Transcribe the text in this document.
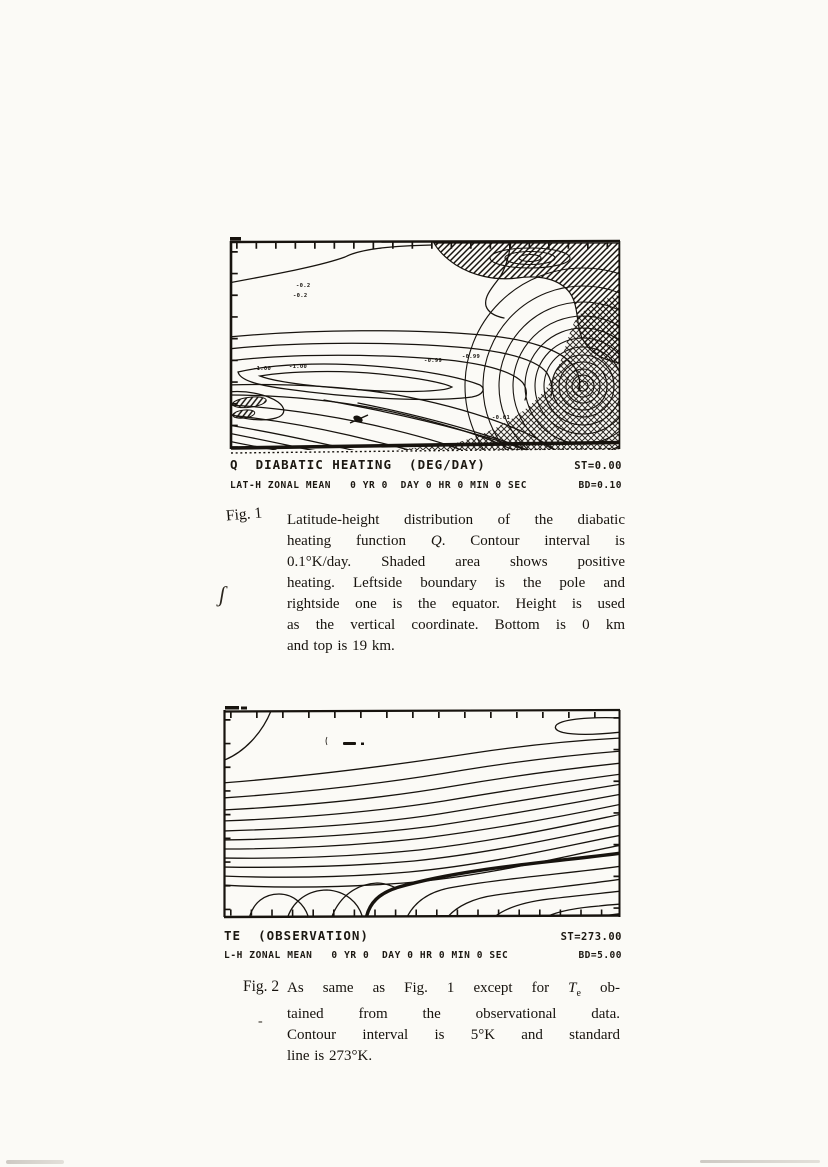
-0.2
-0.2
-1.00	-1.00
-0.99
-0.99
-0.01
Q  DIABATIC HEATING  (DEG/DAY)	ST=0.00
LAT-H ZONAL MEAN   0 YR 0  DAY 0 HR 0 MIN 0 SEC	BD=0.10
Fig. 1 Latitude-height distribution of the diabatic
heating function Q. Contour interval is
0.1°K/day. Shaded area shows positive
heating. Leftside boundary is the pole and
rightside one is the equator. Height is used
as the vertical coordinate. Bottom is 0 km
and top is 19 km.
ʃ
TE  (OBSERVATION)	ST=273.00
L-H ZONAL MEAN   0 YR 0  DAY 0 HR 0 MIN 0 SEC	BD=5.00
Fig. 2 As same as Fig. 1 except for $T_e$ ob-
tained from the observational data.
Contour interval is 5°K and standard
line is 273°K.
-
